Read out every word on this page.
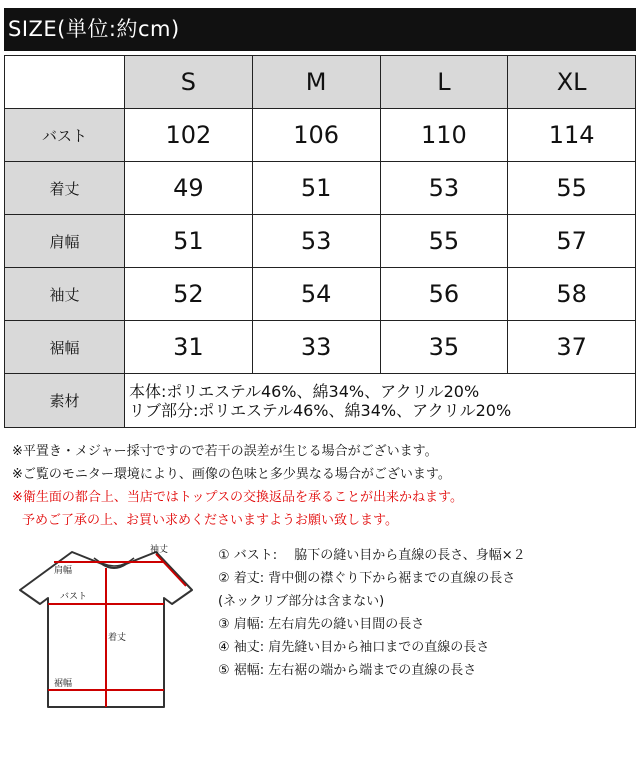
SIZE(単位:約cm)
	S	M	L	XL
バスト	102	106	110	114
着丈	49	51	53	55
肩幅	51	53	55	57
袖丈	52	54	56	58
裾幅	31	33	35	37
素材	本体:ポリエステル46%、綿34%、アクリル20%
リブ部分:ポリエステル46%、綿34%、アクリル20%			
※平置き・メジャー採寸ですので若干の誤差が生じる場合がございます。
※ご覧のモニター環境により、画像の色味と多少異なる場合がございます。
※衛生面の都合上、当店ではトップスの交換返品を承ることが出来かねます。
予めご了承の上、お買い求めくださいますようお願い致します。
袖丈
肩幅
バスト
着丈
裾幅
① バスト:　 脇下の縫い目から直線の長さ、身幅×２
② 着丈: 背中側の襟ぐり下から裾までの直線の長さ
(ネックリブ部分は含まない)
③ 肩幅: 左右肩先の縫い目間の長さ
④ 袖丈: 肩先縫い目から袖口までの直線の長さ
⑤ 裾幅: 左右裾の端から端までの直線の長さ
